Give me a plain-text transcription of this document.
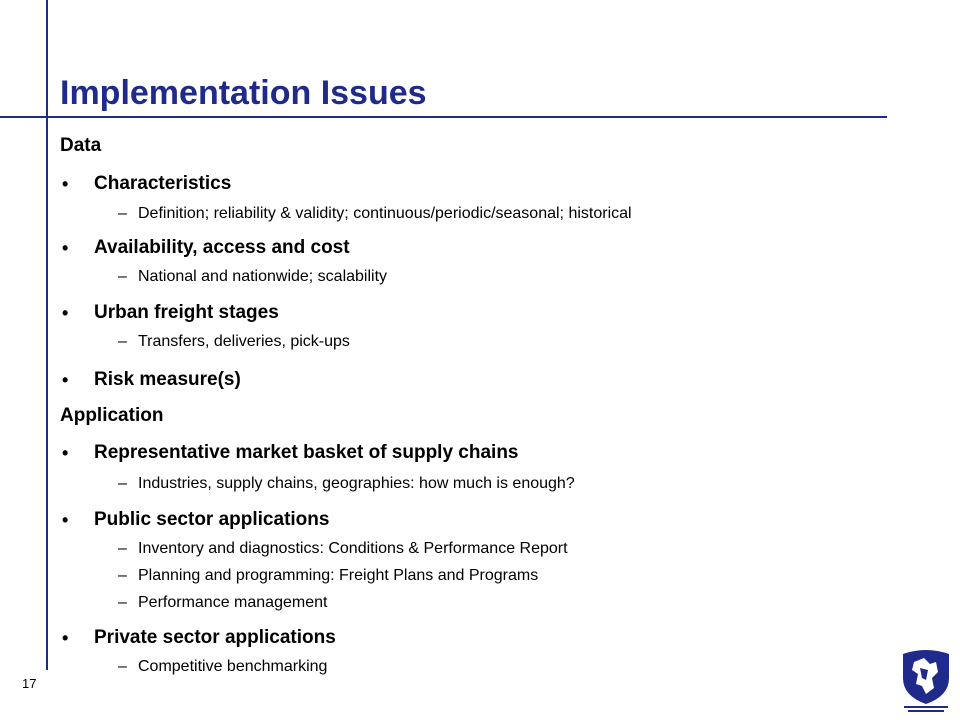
Implementation Issues
Data
• Characteristics
– Definition; reliability & validity; continuous/periodic/seasonal; historical
• Availability, access and cost
– National and nationwide; scalability
• Urban freight stages
– Transfers, deliveries, pick-ups
• Risk measure(s)
Application
• Representative market basket of supply chains
– Industries, supply chains, geographies: how much is enough?
• Public sector applications
– Inventory and diagnostics: Conditions & Performance Report
– Planning and programming: Freight Plans and Programs
– Performance management
• Private sector applications
– Competitive benchmarking
17
